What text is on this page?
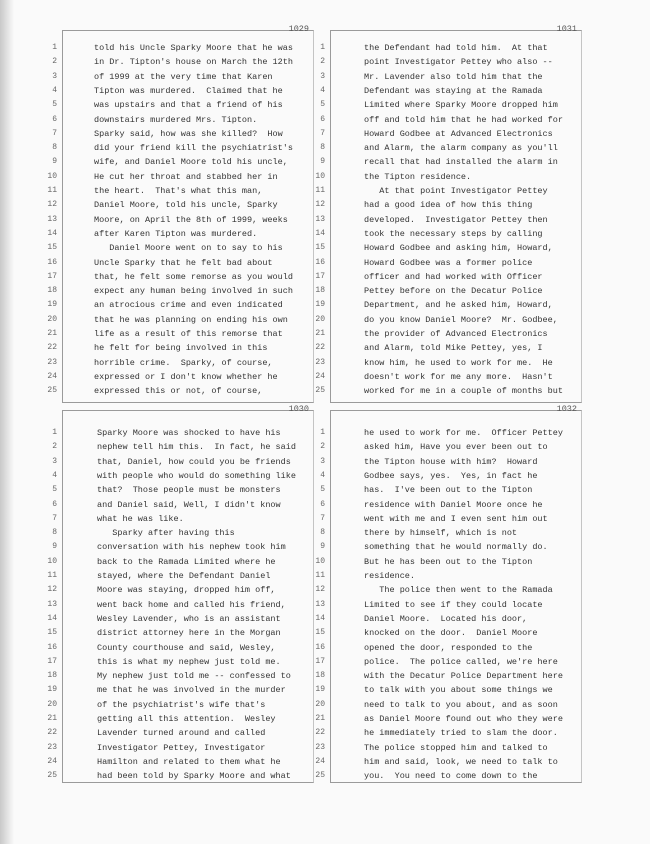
1029
1	told his Uncle Sparky Moore that he was
2	in Dr. Tipton's house on March the 12th
3	of 1999 at the very time that Karen
4	Tipton was murdered.  Claimed that he
5	was upstairs and that a friend of his
6	downstairs murdered Mrs. Tipton.
7	Sparky said, how was she killed?  How
8	did your friend kill the psychiatrist's
9	wife, and Daniel Moore told his uncle,
10	He cut her throat and stabbed her in
11	the heart.  That's what this man,
12	Daniel Moore, told his uncle, Sparky
13	Moore, on April the 8th of 1999, weeks
14	after Karen Tipton was murdered.
15	Daniel Moore went on to say to his
16	Uncle Sparky that he felt bad about
17	that, he felt some remorse as you would
18	expect any human being involved in such
19	an atrocious crime and even indicated
20	that he was planning on ending his own
21	life as a result of this remorse that
22	he felt for being involved in this
23	horrible crime.  Sparky, of course,
24	expressed or I don't know whether he
25	expressed this or not, of course,
1031
1	the Defendant had told him.  At that
2	point Investigator Pettey who also --
3	Mr. Lavender also told him that the
4	Defendant was staying at the Ramada
5	Limited where Sparky Moore dropped him
6	off and told him that he had worked for
7	Howard Godbee at Advanced Electronics
8	and Alarm, the alarm company as you'll
9	recall that had installed the alarm in
10	the Tipton residence.
11	At that point Investigator Pettey
12	had a good idea of how this thing
13	developed.  Investigator Pettey then
14	took the necessary steps by calling
15	Howard Godbee and asking him, Howard,
16	Howard Godbee was a former police
17	officer and had worked with Officer
18	Pettey before on the Decatur Police
19	Department, and he asked him, Howard,
20	do you know Daniel Moore?  Mr. Godbee,
21	the provider of Advanced Electronics
22	and Alarm, told Mike Pettey, yes, I
23	know him, he used to work for me.  He
24	doesn't work for me any more.  Hasn't
25	worked for me in a couple of months but
1030
1	Sparky Moore was shocked to have his
2	nephew tell him this.  In fact, he said
3	that, Daniel, how could you be friends
4	with people who would do something like
5	that?  Those people must be monsters
6	and Daniel said, Well, I didn't know
7	what he was like.
8	Sparky after having this
9	conversation with his nephew took him
10	back to the Ramada Limited where he
11	stayed, where the Defendant Daniel
12	Moore was staying, dropped him off,
13	went back home and called his friend,
14	Wesley Lavender, who is an assistant
15	district attorney here in the Morgan
16	County courthouse and said, Wesley,
17	this is what my nephew just told me.
18	My nephew just told me -- confessed to
19	me that he was involved in the murder
20	of the psychiatrist's wife that's
21	getting all this attention.  Wesley
22	Lavender turned around and called
23	Investigator Pettey, Investigator
24	Hamilton and related to them what he
25	had been told by Sparky Moore and what
1032
1	he used to work for me.  Officer Pettey
2	asked him, Have you ever been out to
3	the Tipton house with him?  Howard
4	Godbee says, yes.  Yes, in fact he
5	has.  I've been out to the Tipton
6	residence with Daniel Moore once he
7	went with me and I even sent him out
8	there by himself, which is not
9	something that he would normally do.
10	But he has been out to the Tipton
11	residence.
12	The police then went to the Ramada
13	Limited to see if they could locate
14	Daniel Moore.  Located his door,
15	knocked on the door.  Daniel Moore
16	opened the door, responded to the
17	police.  The police called, we're here
18	with the Decatur Police Department here
19	to talk with you about some things we
20	need to talk to you about, and as soon
21	as Daniel Moore found out who they were
22	he immediately tried to slam the door.
23	The police stopped him and talked to
24	him and said, look, we need to talk to
25	you.  You need to come down to the
